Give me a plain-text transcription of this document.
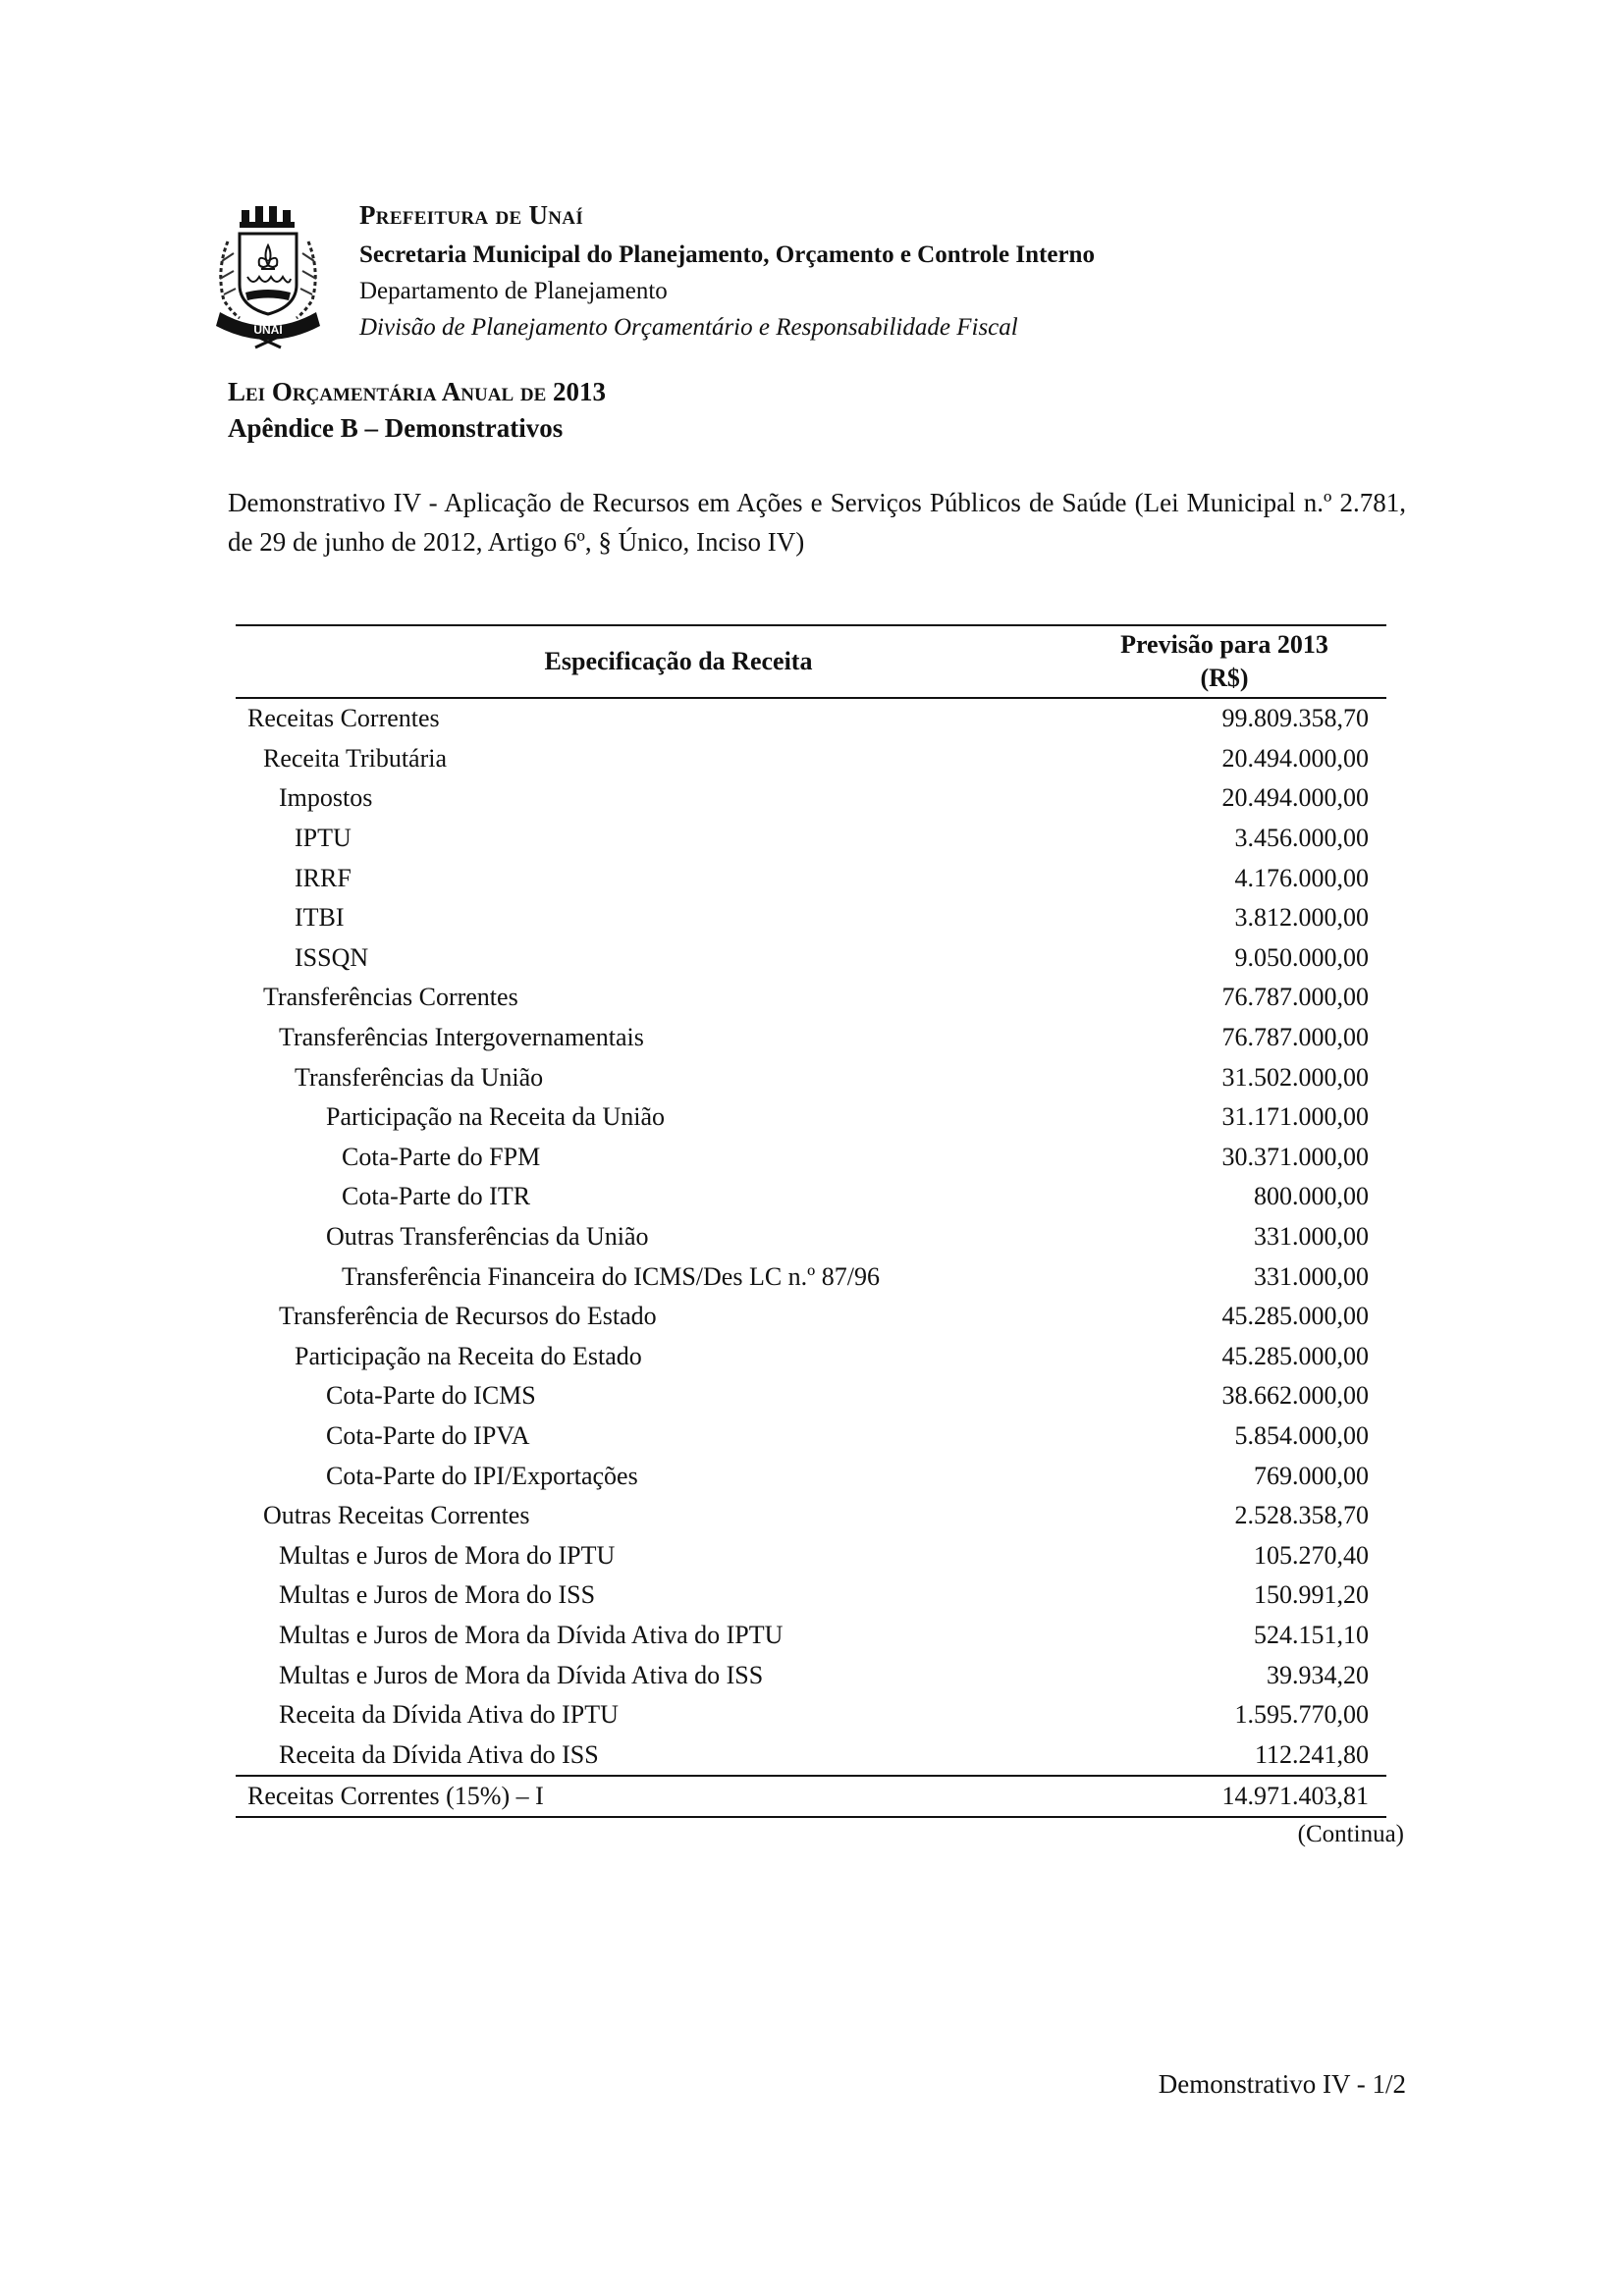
UNAÍ
Prefeitura de Unaí
Secretaria Municipal do Planejamento, Orçamento e Controle Interno
Departamento de Planejamento
Divisão de Planejamento Orçamentário e Responsabilidade Fiscal
Lei Orçamentária Anual de 2013
Apêndice B – Demonstrativos
Demonstrativo IV - Aplicação de Recursos em Ações e Serviços Públicos de Saúde (Lei Municipal n.º 2.781, de 29 de junho de 2012, Artigo 6º, § Único, Inciso IV)
Especificação da Receita	Previsão para 2013
(R$)

Receitas Correntes	99.809.358,70
Receita Tributária	20.494.000,00
Impostos	20.494.000,00
IPTU	3.456.000,00
IRRF	4.176.000,00
ITBI	3.812.000,00
ISSQN	9.050.000,00
Transferências Correntes	76.787.000,00
Transferências Intergovernamentais	76.787.000,00
Transferências da União	31.502.000,00
Participação na Receita da União	31.171.000,00
Cota-Parte do FPM	30.371.000,00
Cota-Parte do ITR	800.000,00
Outras Transferências da União	331.000,00
Transferência Financeira do ICMS/Des LC n.º 87/96	331.000,00
Transferência de Recursos do Estado	45.285.000,00
Participação na Receita do Estado	45.285.000,00
Cota-Parte do ICMS	38.662.000,00
Cota-Parte do IPVA	5.854.000,00
Cota-Parte do IPI/Exportações	769.000,00
Outras Receitas Correntes	2.528.358,70
Multas e Juros de Mora do IPTU	105.270,40
Multas e Juros de Mora do ISS	150.991,20
Multas e Juros de Mora da Dívida Ativa do IPTU	524.151,10
Multas e Juros de Mora da Dívida Ativa do ISS	39.934,20
Receita da Dívida Ativa do IPTU	1.595.770,00
Receita da Dívida Ativa do ISS	112.241,80
Receitas Correntes (15%) – I	14.971.403,81
(Continua)
Demonstrativo IV - 1/2
